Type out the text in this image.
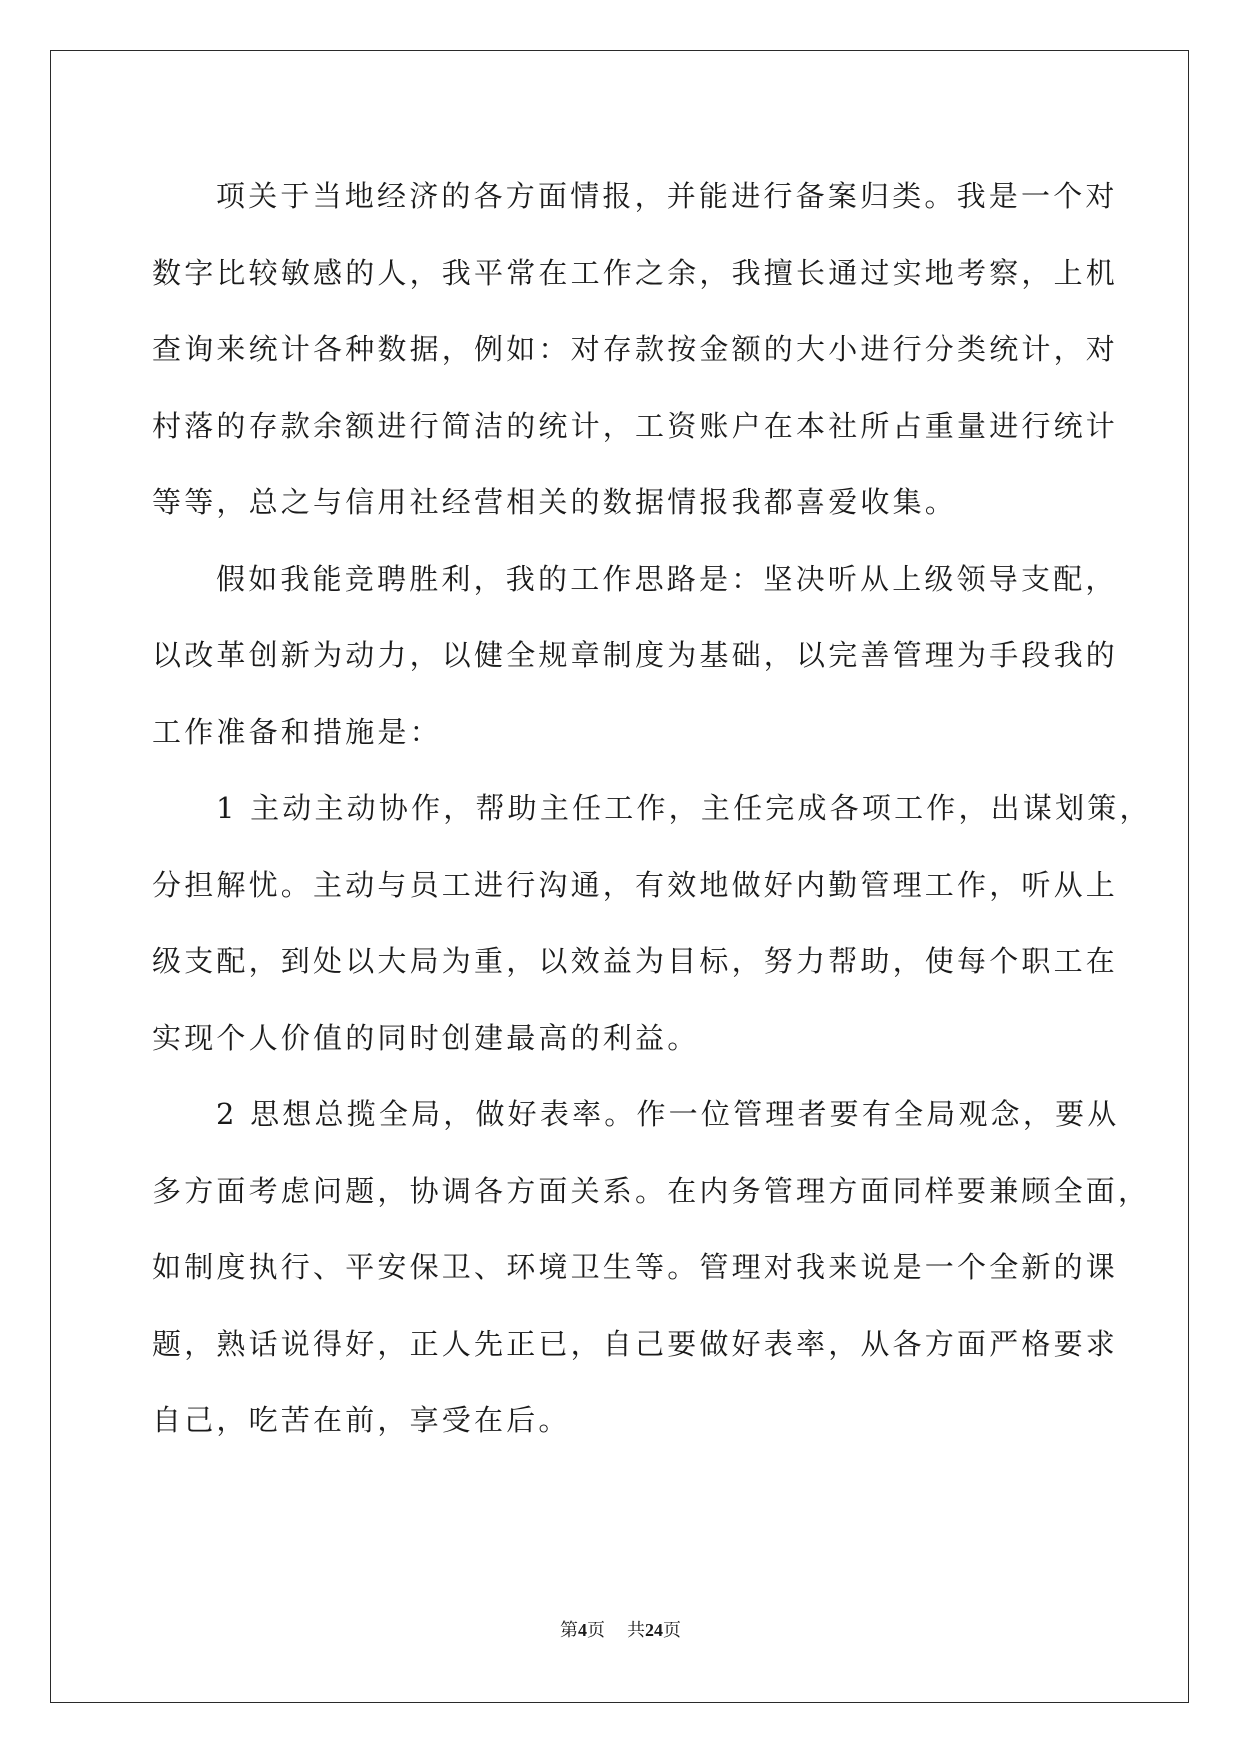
项关于当地经济的各方面情报，并能进行备案归类。我是一个对
数字比较敏感的人，我平常在工作之余，我擅长通过实地考察，上机
查询来统计各种数据，例如：对存款按金额的大小进行分类统计，对
村落的存款余额进行简洁的统计，工资账户在本社所占重量进行统计
等等，总之与信用社经营相关的数据情报我都喜爱收集。
假如我能竞聘胜利，我的工作思路是：坚决听从上级领导支配，
以改革创新为动力，以健全规章制度为基础，以完善管理为手段我的
工作准备和措施是：
1 主动主动协作，帮助主任工作，主任完成各项工作，出谋划策，
分担解忧。主动与员工进行沟通，有效地做好内勤管理工作，听从上
级支配，到处以大局为重，以效益为目标，努力帮助，使每个职工在
实现个人价值的同时创建最高的利益。
2 思想总揽全局，做好表率。作一位管理者要有全局观念，要从
多方面考虑问题，协调各方面关系。在内务管理方面同样要兼顾全面，
如制度执行、平安保卫、环境卫生等。管理对我来说是一个全新的课
题，熟话说得好，正人先正已，自己要做好表率，从各方面严格要求
自己，吃苦在前，享受在后。
第4页 共24页
